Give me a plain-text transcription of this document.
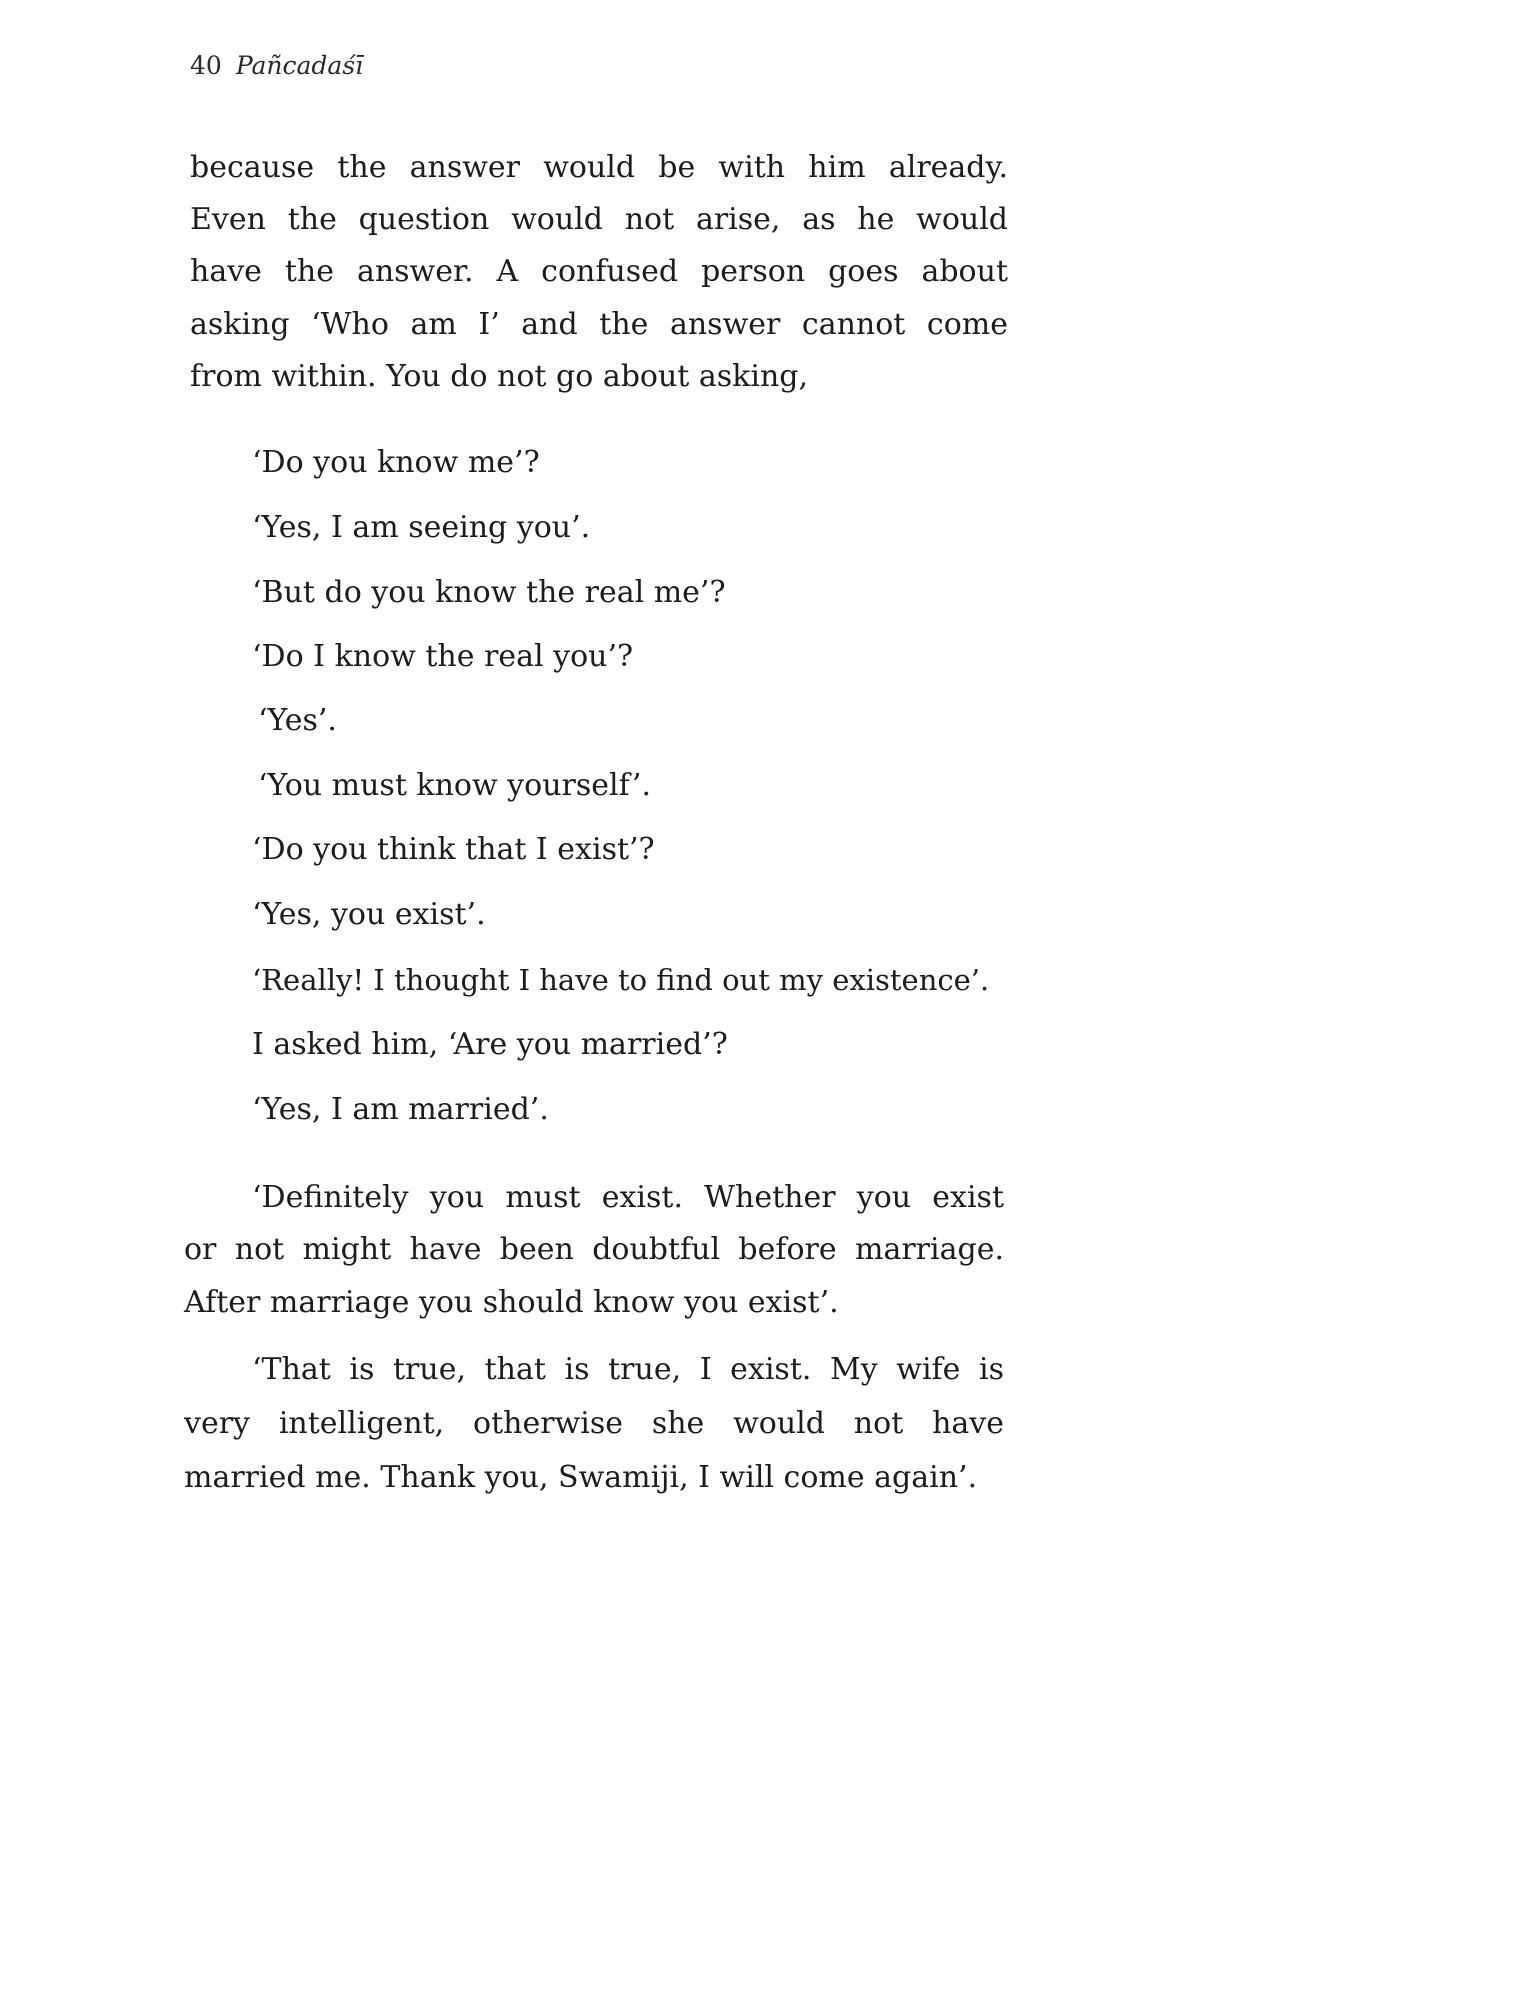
40 Pañcadaśī
because the answer would be with him already.
Even the question would not arise, as he would
have the answer. A confused person goes about
asking ‘Who am I’ and the answer cannot come
from within. You do not go about asking,
‘Do you know me’?
‘Yes, I am seeing you’.
‘But do you know the real me’?
‘Do I know the real you’?
‘Yes’.
‘You must know yourself’.
‘Do you think that I exist’?
‘Yes, you exist’.
‘Really! I thought I have to find out my existence’.
I asked him, ‘Are you married’?
‘Yes, I am married’.
‘Definitely you must exist. Whether you exist
or not might have been doubtful before marriage.
After marriage you should know you exist’.
‘That is true, that is true, I exist. My wife is
very intelligent, otherwise she would not have
married me. Thank you, Swamiji, I will come again’.
